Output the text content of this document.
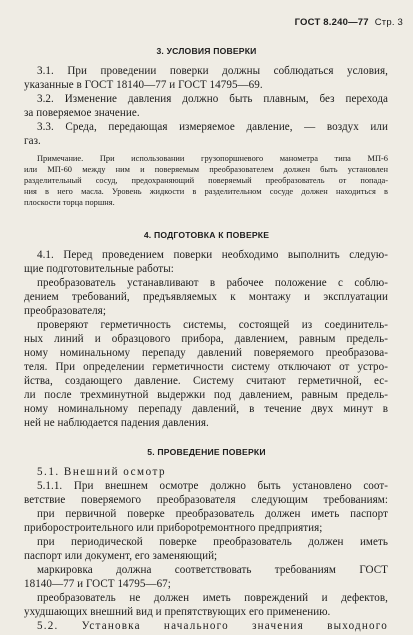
ГОСТ 8.240—77 Стр. 3
3. УСЛОВИЯ ПОВЕРКИ
3.1. При проведении поверки должны соблюдаться условия,
указанные в ГОСТ 18140—77 и ГОСТ 14795—69.
3.2. Изменение давления должно быть плавным, без перехода
за поверяемое значение.
3.3. Среда, передающая измеряемое давление, — воздух или
газ.
Примечание. При использовании грузопоршневого манометра типа МП-6
или МП-60 между ним и поверяемым преобразователем должен быть установлен
разделительный сосуд, предохраняющий поверяемый преобразователь от попада-
ния в него масла. Уровень жидкости в разделительном сосуде должен находиться в
плоскости торца поршня.
4. ПОДГОТОВКА К ПОВЕРКЕ
4.1. Перед проведением поверки необходимо выполнить следую-
щие подготовительные работы:
преобразователь устанавливают в рабочее положение с соблю-
дением требований, предъявляемых к монтажу и эксплуатации
преобразователя;
проверяют герметичность системы, состоящей из соединитель-
ных линий и образцового прибора, давлением, равным предель-
ному номинальному перепаду давлений поверяемого преобразова-
теля. При определении герметичности систему отключают от устро-
йства, создающего давление. Систему считают герметичной, ес-
ли после трехминутной выдержки под давлением, равным предель-
ному номинальному перепаду давлений, в течение двух минут в
ней не наблюдается падения давления.
5. ПРОВЕДЕНИЕ ПОВЕРКИ
5.1. Внешний осмотр
5.1.1. При внешнем осмотре должно быть установлено соот-
ветствие поверяемого преобразователя следующим требованиям:
при первичной поверке преобразователь должен иметь паспорт
приборостроительного или приборotремонтного предприятия;
при периодической поверке преобразователь должен иметь
паспорт или документ, его заменяющий;
маркировка должна соответствовать требованиям ГОСТ
18140—77 и ГОСТ 14795—67;
преобразователь не должен иметь повреждений и дефектов,
ухудшающих внешний вид и препятствующих его применению.
5.2. Установка начального значения выходного
